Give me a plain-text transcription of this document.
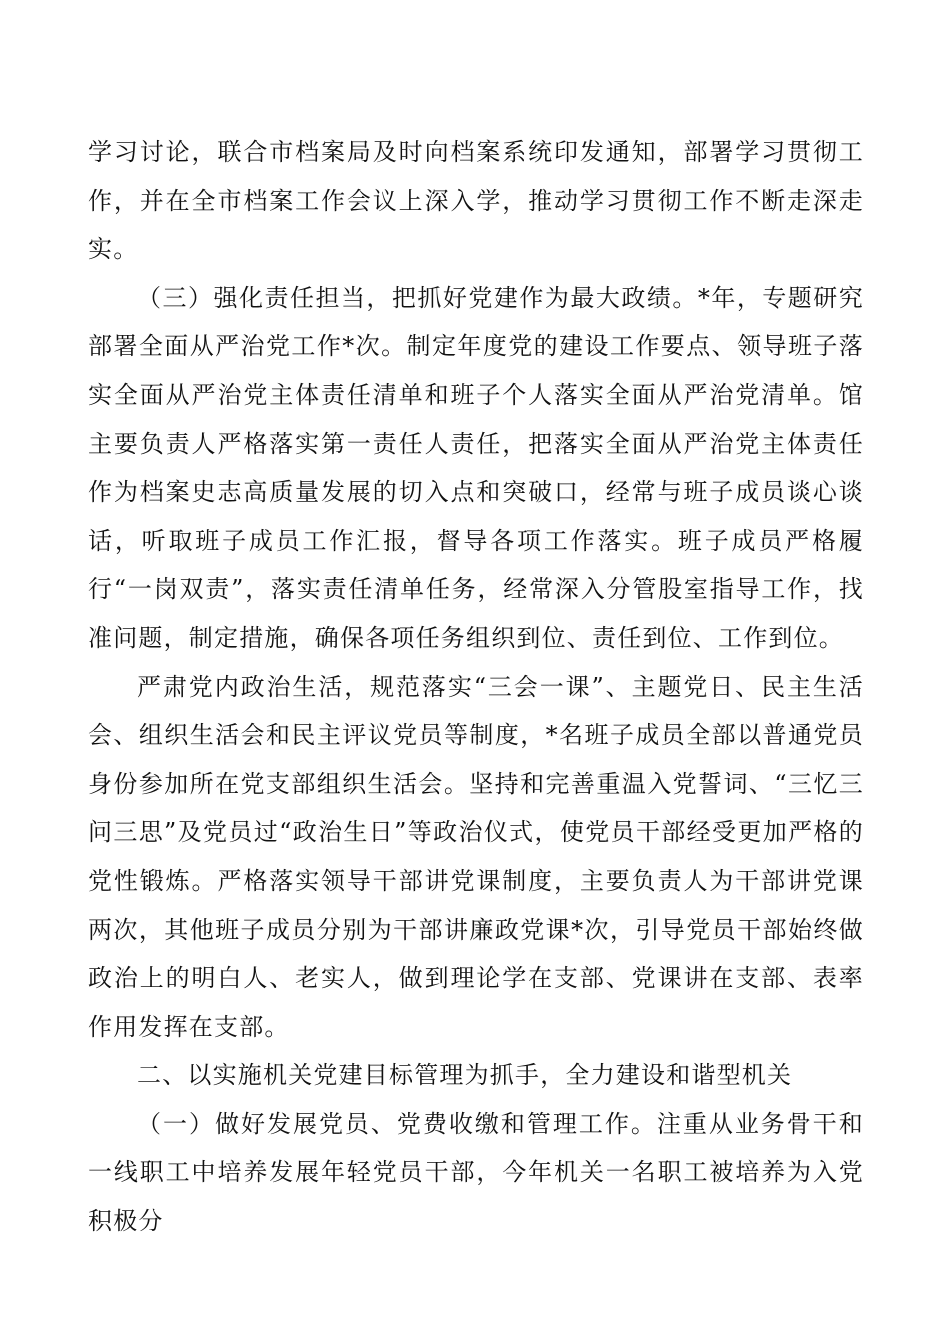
学习讨论，联合市档案局及时向档案系统印发通知，部署学习贯彻工作，并在全市档案工作会议上深入学，推动学习贯彻工作不断走深走实。

（三）强化责任担当，把抓好党建作为最大政绩。*年，专题研究部署全面从严治党工作*次。制定年度党的建设工作要点、领导班子落实全面从严治党主体责任清单和班子个人落实全面从严治党清单。馆主要负责人严格落实第一责任人责任，把落实全面从严治党主体责任作为档案史志高质量发展的切入点和突破口，经常与班子成员谈心谈话，听取班子成员工作汇报，督导各项工作落实。班子成员严格履行“一岗双责”，落实责任清单任务，经常深入分管股室指导工作，找准问题，制定措施，确保各项任务组织到位、责任到位、工作到位。

严肃党内政治生活，规范落实“三会一课”、主题党日、民主生活会、组织生活会和民主评议党员等制度，*名班子成员全部以普通党员身份参加所在党支部组织生活会。坚持和完善重温入党誓词、“三忆三问三思”及党员过“政治生日”等政治仪式，使党员干部经受更加严格的党性锻炼。严格落实领导干部讲党课制度，主要负责人为干部讲党课两次，其他班子成员分别为干部讲廉政党课*次，引导党员干部始终做政治上的明白人、老实人，做到理论学在支部、党课讲在支部、表率作用发挥在支部。

二、以实施机关党建目标管理为抓手，全力建设和谐型机关

（一）做好发展党员、党费收缴和管理工作。注重从业务骨干和一线职工中培养发展年轻党员干部，今年机关一名职工被培养为入党积极分
